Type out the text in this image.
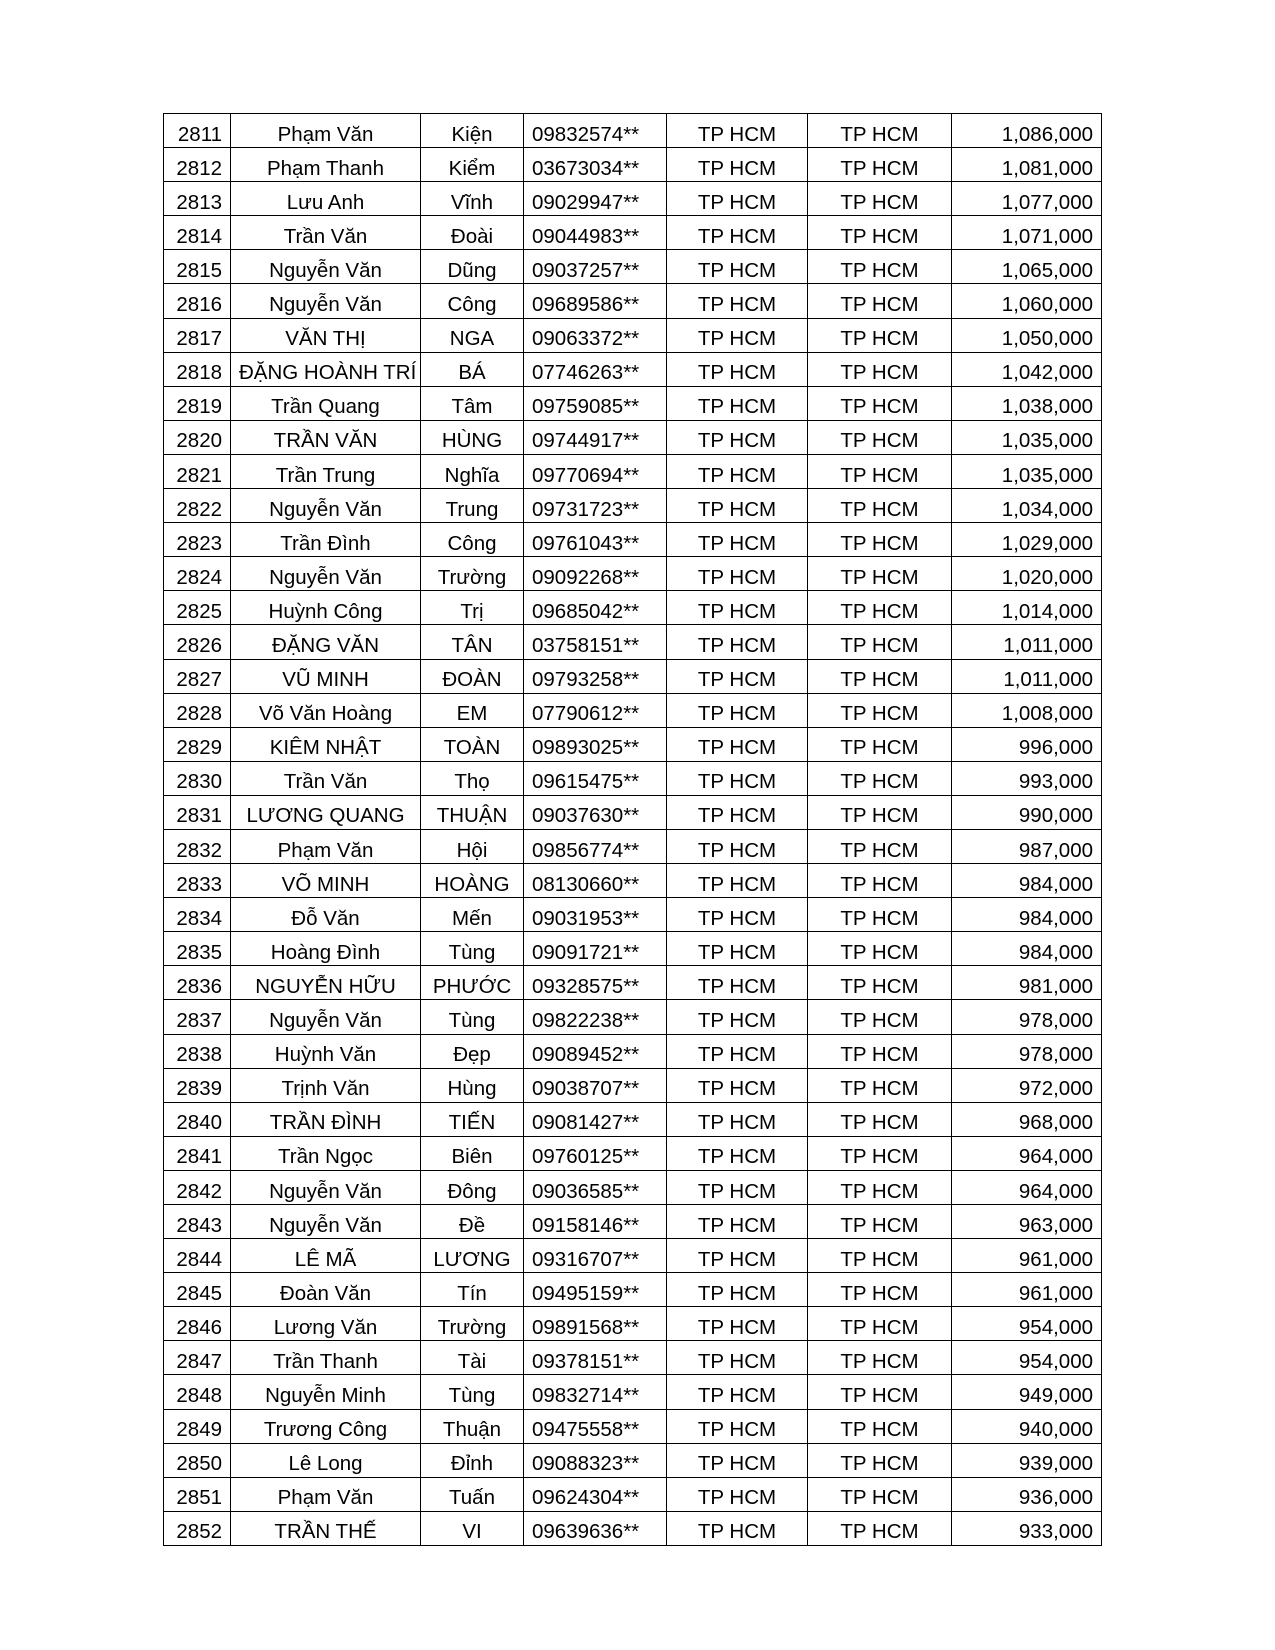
2811	Phạm Văn	Kiện	09832574**	TP HCM	TP HCM	1,086,000
2812	Phạm Thanh	Kiểm	03673034**	TP HCM	TP HCM	1,081,000
2813	Lưu Anh	Vĩnh	09029947**	TP HCM	TP HCM	1,077,000
2814	Trần Văn	Đoài	09044983**	TP HCM	TP HCM	1,071,000
2815	Nguyễn Văn	Dũng	09037257**	TP HCM	TP HCM	1,065,000
2816	Nguyễn Văn	Công	09689586**	TP HCM	TP HCM	1,060,000
2817	VĂN THỊ	NGA	09063372**	TP HCM	TP HCM	1,050,000
2818	ĐẶNG HOÀNH TRÍ	BÁ	07746263**	TP HCM	TP HCM	1,042,000
2819	Trần Quang	Tâm	09759085**	TP HCM	TP HCM	1,038,000
2820	TRẦN VĂN	HÙNG	09744917**	TP HCM	TP HCM	1,035,000
2821	Trần Trung	Nghĩa	09770694**	TP HCM	TP HCM	1,035,000
2822	Nguyễn Văn	Trung	09731723**	TP HCM	TP HCM	1,034,000
2823	Trần Đình	Công	09761043**	TP HCM	TP HCM	1,029,000
2824	Nguyễn Văn	Trường	09092268**	TP HCM	TP HCM	1,020,000
2825	Huỳnh Công	Trị	09685042**	TP HCM	TP HCM	1,014,000
2826	ĐẶNG VĂN	TÂN	03758151**	TP HCM	TP HCM	1,011,000
2827	VŨ MINH	ĐOÀN	09793258**	TP HCM	TP HCM	1,011,000
2828	Võ Văn Hoàng	EM	07790612**	TP HCM	TP HCM	1,008,000
2829	KIÊM NHẬT	TOÀN	09893025**	TP HCM	TP HCM	996,000
2830	Trần Văn	Thọ	09615475**	TP HCM	TP HCM	993,000
2831	LƯƠNG QUANG	THUẬN	09037630**	TP HCM	TP HCM	990,000
2832	Phạm Văn	Hội	09856774**	TP HCM	TP HCM	987,000
2833	VÕ MINH	HOÀNG	08130660**	TP HCM	TP HCM	984,000
2834	Đỗ Văn	Mến	09031953**	TP HCM	TP HCM	984,000
2835	Hoàng Đình	Tùng	09091721**	TP HCM	TP HCM	984,000
2836	NGUYỄN HỮU	PHƯỚC	09328575**	TP HCM	TP HCM	981,000
2837	Nguyễn Văn	Tùng	09822238**	TP HCM	TP HCM	978,000
2838	Huỳnh Văn	Đẹp	09089452**	TP HCM	TP HCM	978,000
2839	Trịnh Văn	Hùng	09038707**	TP HCM	TP HCM	972,000
2840	TRẦN ĐÌNH	TIẾN	09081427**	TP HCM	TP HCM	968,000
2841	Trần Ngọc	Biên	09760125**	TP HCM	TP HCM	964,000
2842	Nguyễn Văn	Đông	09036585**	TP HCM	TP HCM	964,000
2843	Nguyễn Văn	Đề	09158146**	TP HCM	TP HCM	963,000
2844	LÊ MÃ	LƯƠNG	09316707**	TP HCM	TP HCM	961,000
2845	Đoàn Văn	Tín	09495159**	TP HCM	TP HCM	961,000
2846	Lương Văn	Trường	09891568**	TP HCM	TP HCM	954,000
2847	Trần Thanh	Tài	09378151**	TP HCM	TP HCM	954,000
2848	Nguyễn Minh	Tùng	09832714**	TP HCM	TP HCM	949,000
2849	Trương Công	Thuận	09475558**	TP HCM	TP HCM	940,000
2850	Lê Long	Đỉnh	09088323**	TP HCM	TP HCM	939,000
2851	Phạm Văn	Tuấn	09624304**	TP HCM	TP HCM	936,000
2852	TRẦN THẾ	VI	09639636**	TP HCM	TP HCM	933,000
